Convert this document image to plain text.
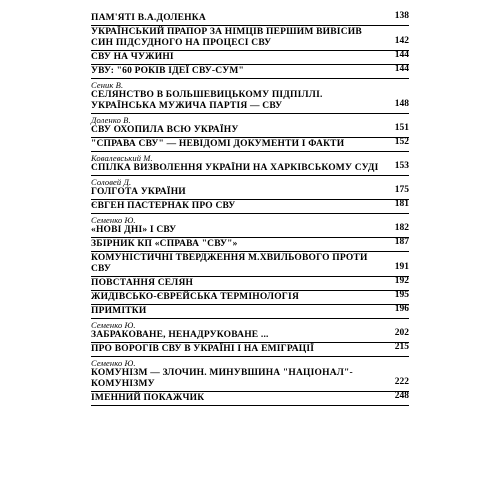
ПАМ'ЯТІ В.А.ДОЛЕНКА	138
УКРАЇНСЬКИЙ ПРАПОР ЗА НІМЦІВ ПЕРШИМ ВИВІСИВ СИН ПІДСУДНОГО НА ПРОЦЕСІ СВУ	142
СВУ НА ЧУЖИНІ	144
УВУ: "60 РОКІВ ІДЕЇ СВУ-СУМ"	144
Сеник В.
СЕЛЯНСТВО В БОЛЬШЕВИЦЬКОМУ ПІДПІЛЛІ. УКРАЇНСЬКА МУЖИЧА ПАРТІЯ — СВУ	148
Доленко В.
СВУ ОХОПИЛА ВСЮ УКРАЇНУ	151
"СПРАВА СВУ" — НЕВІДОМІ ДОКУМЕНТИ І ФАКТИ	152
Ковалевський М.
СПІЛКА ВИЗВОЛЕННЯ УКРАЇНИ НА ХАРКІВСЬКОМУ СУДІ	153
Соловей Д.
ГОЛГОТА УКРАЇНИ	175
ЄВГЕН ПАСТЕРНАК ПРО СВУ	181
Семенко Ю.
«НОВІ ДНІ» І СВУ	182
ЗБІРНИК КП «СПРАВА "СВУ"»	187
КОМУНІСТИЧНІ ТВЕРДЖЕННЯ М.ХВИЛЬОВОГО ПРОТИ СВУ	191
ПОВСТАННЯ СЕЛЯН	192
ЖИДІВСЬКО-ЄВРЕЙСЬКА ТЕРМІНОЛОГІЯ	195
ПРИМІТКИ	196
Семенко Ю.
ЗАБРАКОВАНЕ, НЕНАДРУКОВАНЕ ...	202
ПРО ВОРОГІВ СВУ В УКРАЇНІ І НА ЕМІГРАЦІЇ	215
Семенко Ю.
КОМУНІЗМ — ЗЛОЧИН. МИНУВШИНА "НАЦІОНАЛ"-КОМУНІЗМУ	222
ІМЕННИЙ ПОКАЖЧИК	248
